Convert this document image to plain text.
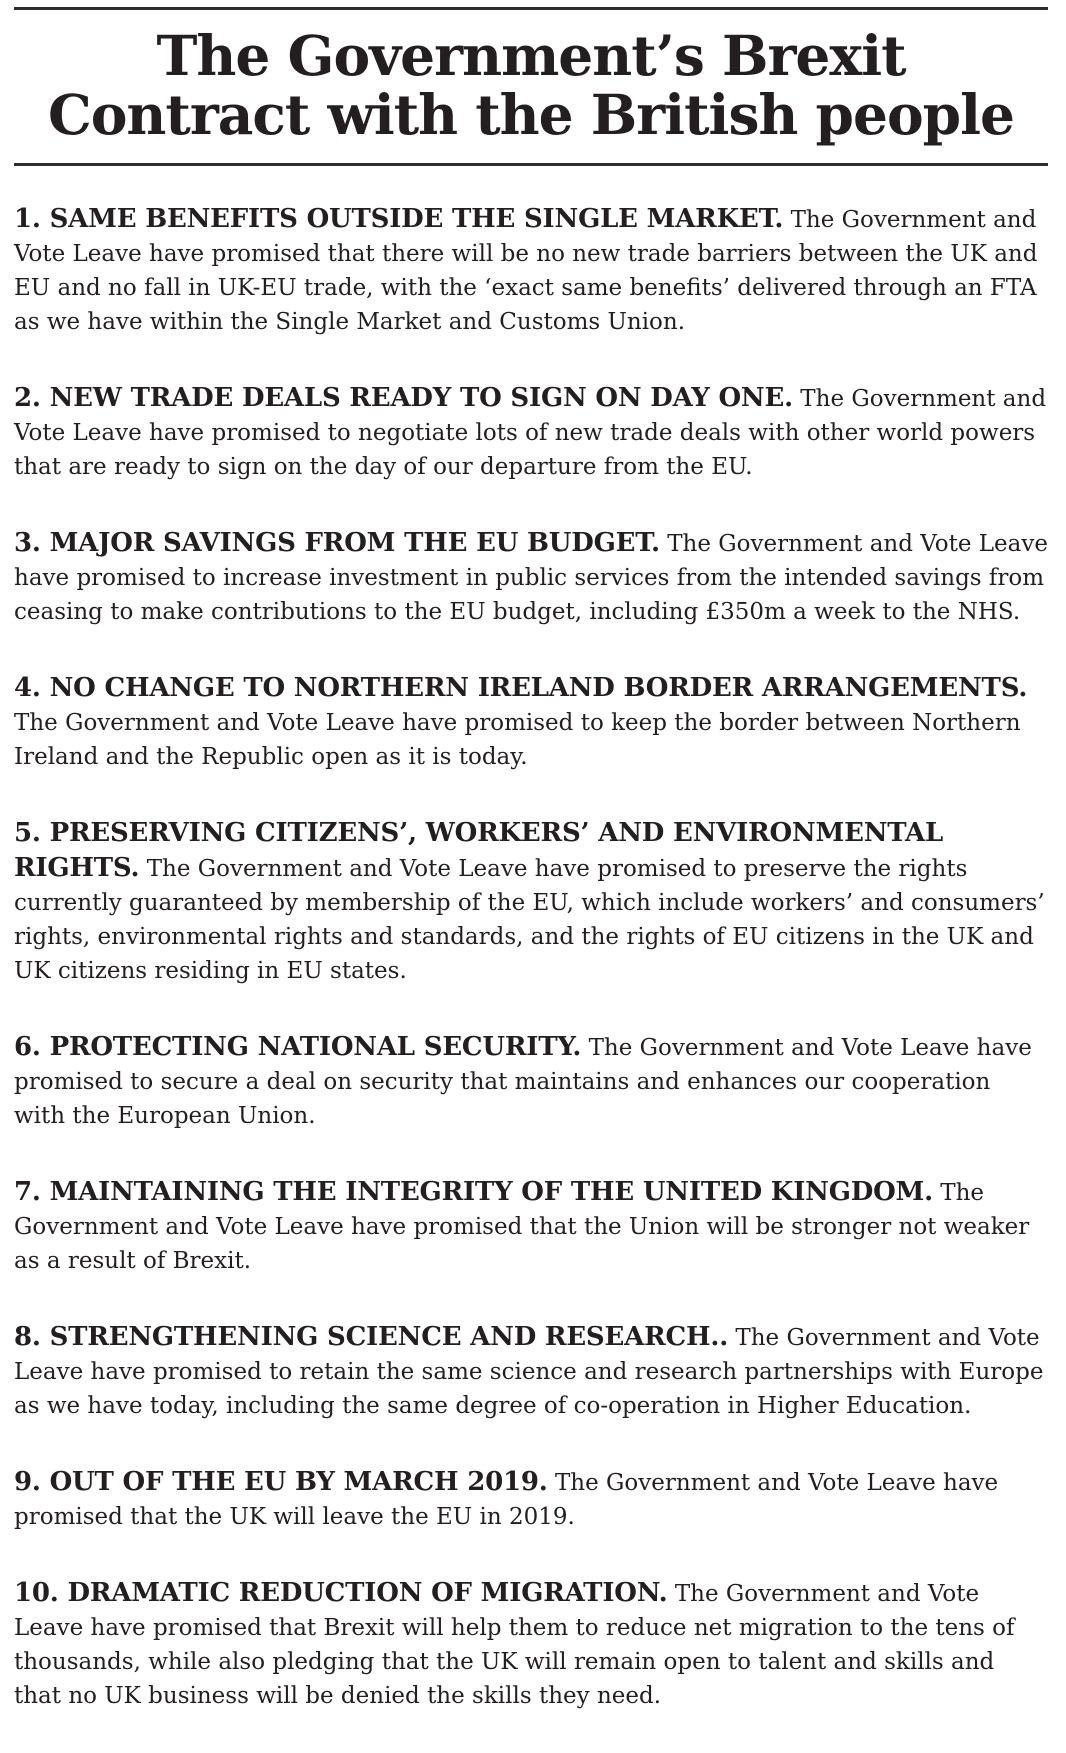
The Government’s Brexit
Contract with the British people

1. SAME BENEFITS OUTSIDE THE SINGLE MARKET. The Government and Vote Leave have promised that there will be no new trade barriers between the UK and EU and no fall in UK-EU trade, with the ‘exact same benefits’ delivered through an FTA as we have within the Single Market and Customs Union.

2. NEW TRADE DEALS READY TO SIGN ON DAY ONE. The Government and Vote Leave have promised to negotiate lots of new trade deals with other world powers that are ready to sign on the day of our departure from the EU.

3. MAJOR SAVINGS FROM THE EU BUDGET. The Government and Vote Leave have promised to increase investment in public services from the intended savings from ceasing to make contributions to the EU budget, including £350m a week to the NHS.

4. NO CHANGE TO NORTHERN IRELAND BORDER ARRANGEMENTS. The Government and Vote Leave have promised to keep the border between Northern Ireland and the Republic open as it is today.

5. PRESERVING CITIZENS’, WORKERS’ AND ENVIRONMENTAL RIGHTS. The Government and Vote Leave have promised to preserve the rights currently guaranteed by membership of the EU, which include workers’ and consumers’ rights, environmental rights and standards, and the rights of EU citizens in the UK and UK citizens residing in EU states.

6. PROTECTING NATIONAL SECURITY. The Government and Vote Leave have promised to secure a deal on security that maintains and enhances our cooperation with the European Union.

7. MAINTAINING THE INTEGRITY OF THE UNITED KINGDOM. The Government and Vote Leave have promised that the Union will be stronger not weaker as a result of Brexit.

8. STRENGTHENING SCIENCE AND RESEARCH.. The Government and Vote Leave have promised to retain the same science and research partnerships with Europe as we have today, including the same degree of co-operation in Higher Education.

9. OUT OF THE EU BY MARCH 2019. The Government and Vote Leave have promised that the UK will leave the EU in 2019.

10. DRAMATIC REDUCTION OF MIGRATION. The Government and Vote Leave have promised that Brexit will help them to reduce net migration to the tens of thousands, while also pledging that the UK will remain open to talent and skills and that no UK business will be denied the skills they need.
